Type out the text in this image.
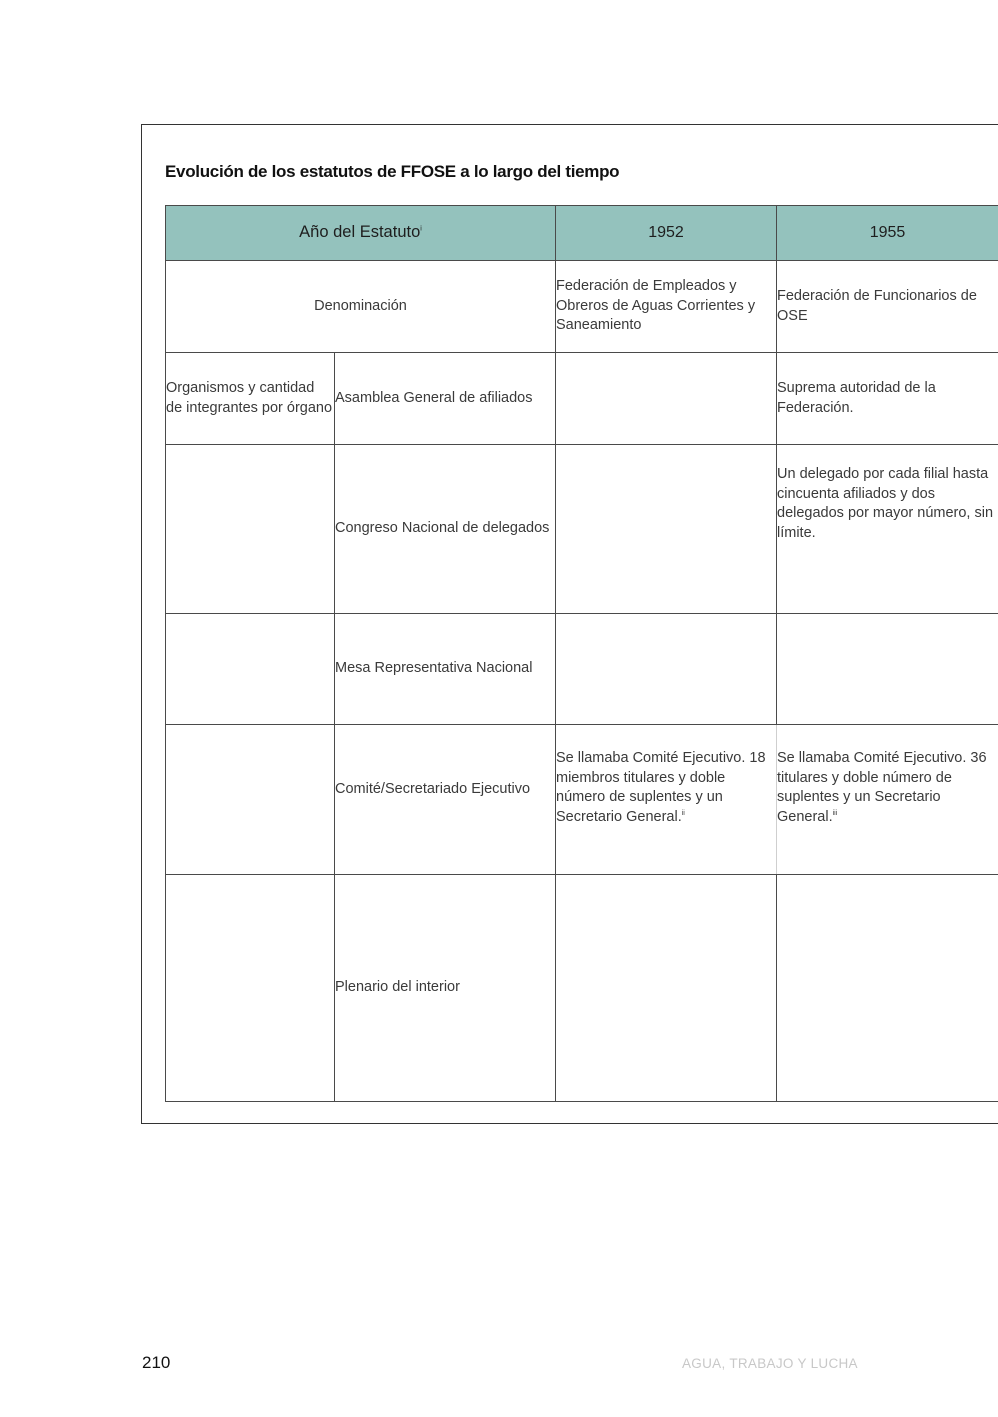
Evolución de los estatutos de FFOSE a lo largo del tiempo
Año del Estatuto$^i$		1952	1955
Denominación		Federación de Empleados y Obreros de Aguas Corrientes y Saneamiento	Federación de Funcionarios de OSE
Organismos y cantidad de integrantes por órgano	Asamblea General de afiliados		Suprema autoridad de la Federación.
	Congreso Nacional de delegados		Un delegado por cada filial hasta cincuenta afiliados y dos delegados por mayor número, sin límite.
	Mesa Representativa Nacional		
	Comité/Secretariado Ejecutivo	Se llamaba Comité Ejecutivo. 18 miembros titulares y doble número de suplentes y un Secretario General.$^{ii}$	Se llamaba Comité Ejecutivo. 36 titulares y doble número de suplentes y un Secretario General.$^{iii}$
	Plenario del interior		
210	AGUA, TRABAJO Y LUCHA
